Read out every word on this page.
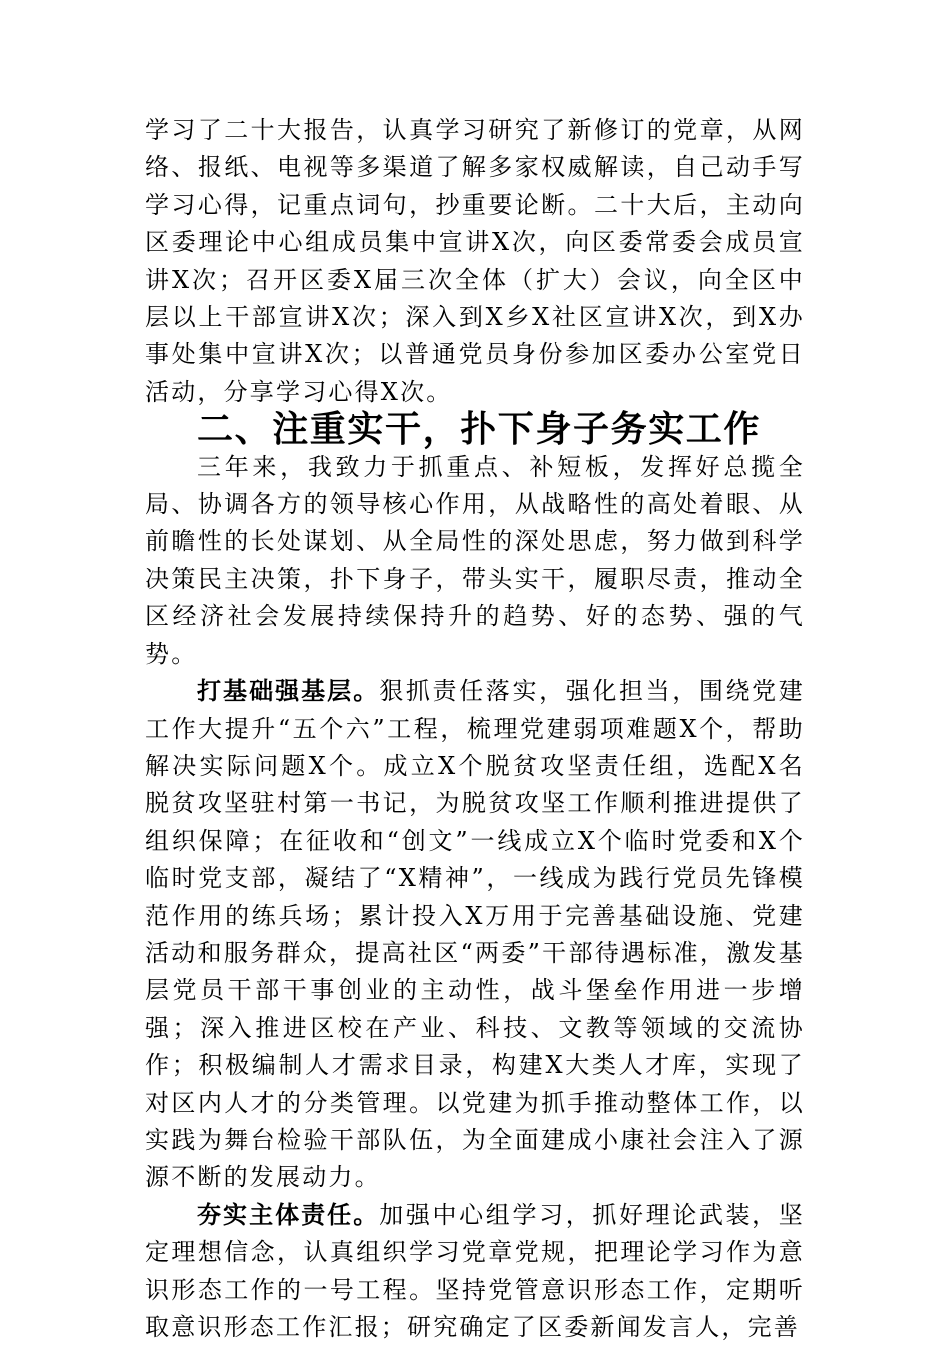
学习了二十大报告，认真学习研究了新修订的党章，从网络、报纸、电视等多渠道了解多家权威解读，自己动手写学习心得，记重点词句，抄重要论断。二十大后，主动向区委理论中心组成员集中宣讲X次，向区委常委会成员宣讲X次；召开区委X届三次全体（扩大）会议，向全区中层以上干部宣讲X次；深入到X乡X社区宣讲X次，到X办事处集中宣讲X次；以普通党员身份参加区委办公室党日活动，分享学习心得X次。

二、注重实干，扑下身子务实工作

三年来，我致力于抓重点、补短板，发挥好总揽全局、协调各方的领导核心作用，从战略性的高处着眼、从前瞻性的长处谋划、从全局性的深处思虑，努力做到科学决策民主决策，扑下身子，带头实干，履职尽责，推动全区经济社会发展持续保持升的趋势、好的态势、强的气势。

打基础强基层。狠抓责任落实，强化担当，围绕党建工作大提升“五个六”工程，梳理党建弱项难题X个，帮助解决实际问题X个。成立X个脱贫攻坚责任组，选配X名脱贫攻坚驻村第一书记，为脱贫攻坚工作顺利推进提供了组织保障；在征收和“创文”一线成立X个临时党委和X个临时党支部，凝结了“X精神”，一线成为践行党员先锋模范作用的练兵场；累计投入X万用于完善基础设施、党建活动和服务群众，提高社区“两委”干部待遇标准，激发基层党员干部干事创业的主动性，战斗堡垒作用进一步增强；深入推进区校在产业、科技、文教等领域的交流协作；积极编制人才需求目录，构建X大类人才库，实现了对区内人才的分类管理。以党建为抓手推动整体工作，以实践为舞台检验干部队伍，为全面建成小康社会注入了源源不断的发展动力。

夯实主体责任。加强中心组学习，抓好理论武装，坚定理想信念，认真组织学习党章党规，把理论学习作为意识形态工作的一号工程。坚持党管意识形态工作，定期听取意识形态工作汇报；研究确定了区委新闻发言人，完善
